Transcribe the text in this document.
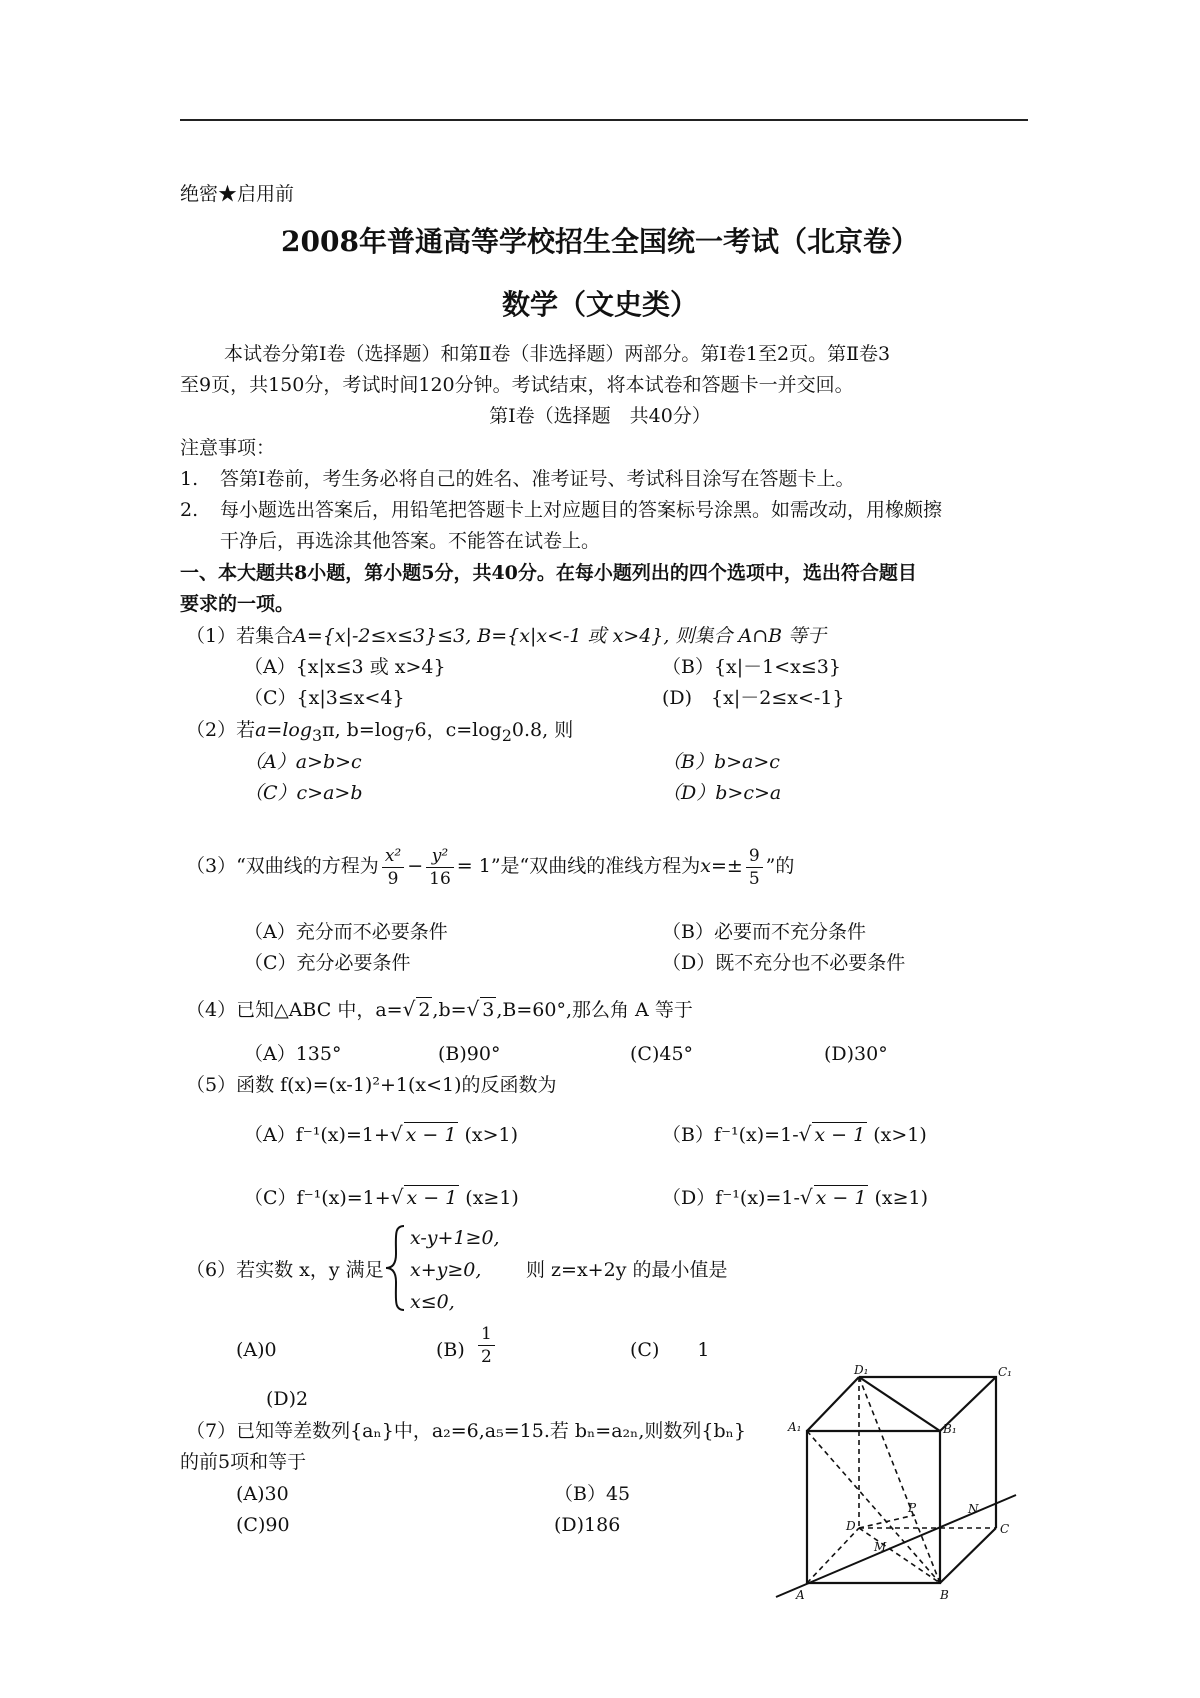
绝密★启用前
2008年普通高等学校招生全国统一考试（北京卷）
数学（文史类）
本试卷分第Ⅰ卷（选择题）和第Ⅱ卷（非选择题）两部分。第Ⅰ卷1至2页。第Ⅱ卷3
至9页，共150分，考试时间120分钟。考试结束，将本试卷和答题卡一并交回。
第Ⅰ卷（选择题　共40分）
注意事项：
1. 答第Ⅰ卷前，考生务必将自己的姓名、准考证号、考试科目涂写在答题卡上。
2. 每小题选出答案后，用铅笔把答题卡上对应题目的答案标号涂黑。如需改动，用橡颇擦
干净后，再选涂其他答案。不能答在试卷上。
一、本大题共8小题，第小题5分，共40分。在每小题列出的四个选项中，选出符合题目
要求的一项。
（1）若集合A={x|-2≤x≤3}≤3, B={x|x<-1 或 x>4}, 则集合 A∩B 等于
（A）{x|x≤3 或 x>4}	（B）{x|－1<x≤3}
（C）{x|3≤x<4}	(D)　{x|－2≤x<-1}
（2）若$a=\log_3\pi$, $b=\log_76$，$c=\log_20.8$, 则
（A）a>b>c	（B）b>a>c
（C）c>a>b	（D）b>c>a
（3）“双曲线的方程为 $\frac{\text{x²}}{9} - \frac{\text{y²}}{16} = 1$”是“双曲线的准线方程为$x=\pm \frac{9}{5}$ ”的
（A）充分而不必要条件	（B）必要而不充分条件
（C）充分必要条件	（D）既不充分也不必要条件
（4）已知△ABC 中，a=√ 2 ,b=√ 3 ,B=60°,那么角 A 等于
（A）135°	(B)90°	(C)45°	(D)30°
（5）函数 f(x)=(x-1)²+1(x<1)的反函数为
（A）f⁻¹(x)=1+√ x − 1 (x>1)	（B）f⁻¹(x)=1-√ x − 1 (x>1)
（C）f⁻¹(x)=1+√ x − 1 (x≥1)	（D）f⁻¹(x)=1-√ x − 1 (x≥1)
（6）若实数 x，y 满足
x-y+1≥0,
x+y≥0,
x≤0,
则 z=x+2y 的最小值是
(A)0	$(B) \frac{1}{2}$	(C)　　1
(D)2
（7）已知等差数列{aₙ}中，a₂=6,a₅=15.若 bₙ=a₂ₙ,则数列{bₙ}
的前5项和等于
(A)30	（B）45
(C)90	(D)186
D₁	C₁
A₁	B₁
D	C
A	B
P
M
N
